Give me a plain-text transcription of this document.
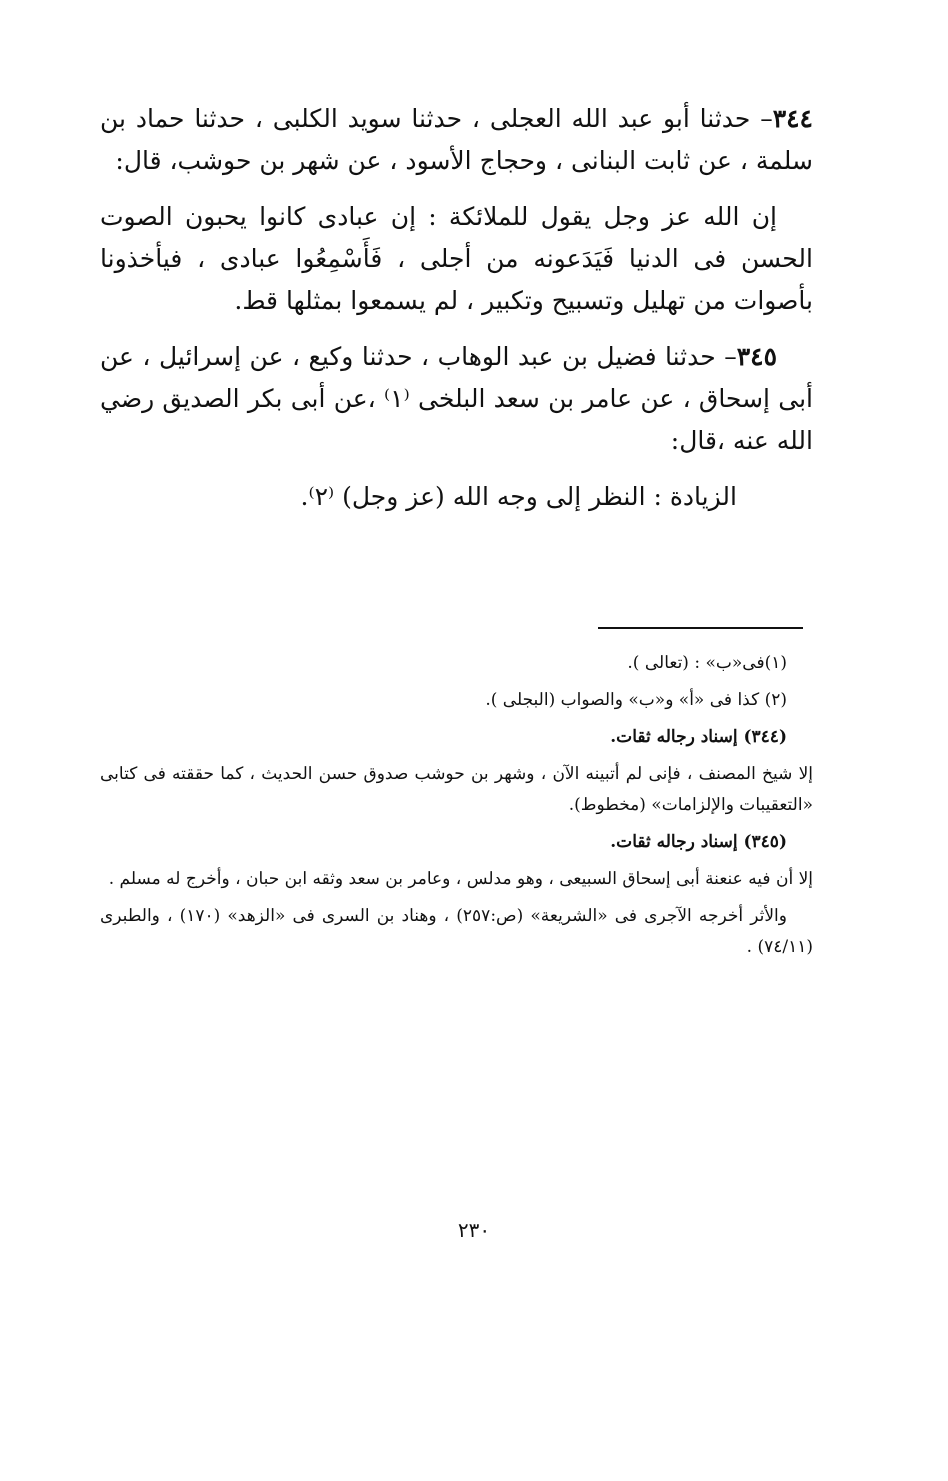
٣٤٤– حدثنا أبو عبد الله العجلى ، حدثنا سويد الكلبى ، حدثنا حماد بن سلمة ، عن ثابت البنانى ، وحجاج الأسود ، عن شهر بن حوشب، قال:

إن الله عز وجل يقول للملائكة : إن عبادى كانوا يحبون الصوت الحسن فى الدنيا فَيَدَعونه من أجلى ، فَأَسْمِعُوا عبادى ، فيأخذونا بأصوات من تهليل وتسبيح وتكبير ، لم يسمعوا بمثلها قط.

٣٤٥– حدثنا فضيل بن عبد الوهاب ، حدثنا وكيع ، عن إسرائيل ، عن أبى إسحاق ، عن عامر بن سعد البلخى ⁽١⁾ ،عن أبى بكر الصديق رضي الله عنه ،قال:

الزيادة : النظر إلى وجه الله (عز وجل) ⁽٢⁾.

(١)فى«ب» : (تعالى ).

(٢) كذا فى «أ» و«ب» والصواب (البجلى ).

(٣٤٤) إسناد رجاله ثقات.

إلا شيخ المصنف ، فإنى لم أتبينه الآن ، وشهر بن حوشب صدوق حسن الحديث ، كما حققته فى كتابى «التعقيبات والإلزامات» (مخطوط).

(٣٤٥) إسناد رجاله ثقات.

إلا أن فيه عنعنة أبى إسحاق السبيعى ، وهو مدلس ، وعامر بن سعد وثقه ابن حبان ، وأخرج له مسلم .

والأثر أخرجه الآجرى فى «الشريعة» (ص:٢٥٧) ، وهناد بن السرى فى «الزهد» (١٧٠) ، والطبرى (٧٤/١١) .

٢٣٠
